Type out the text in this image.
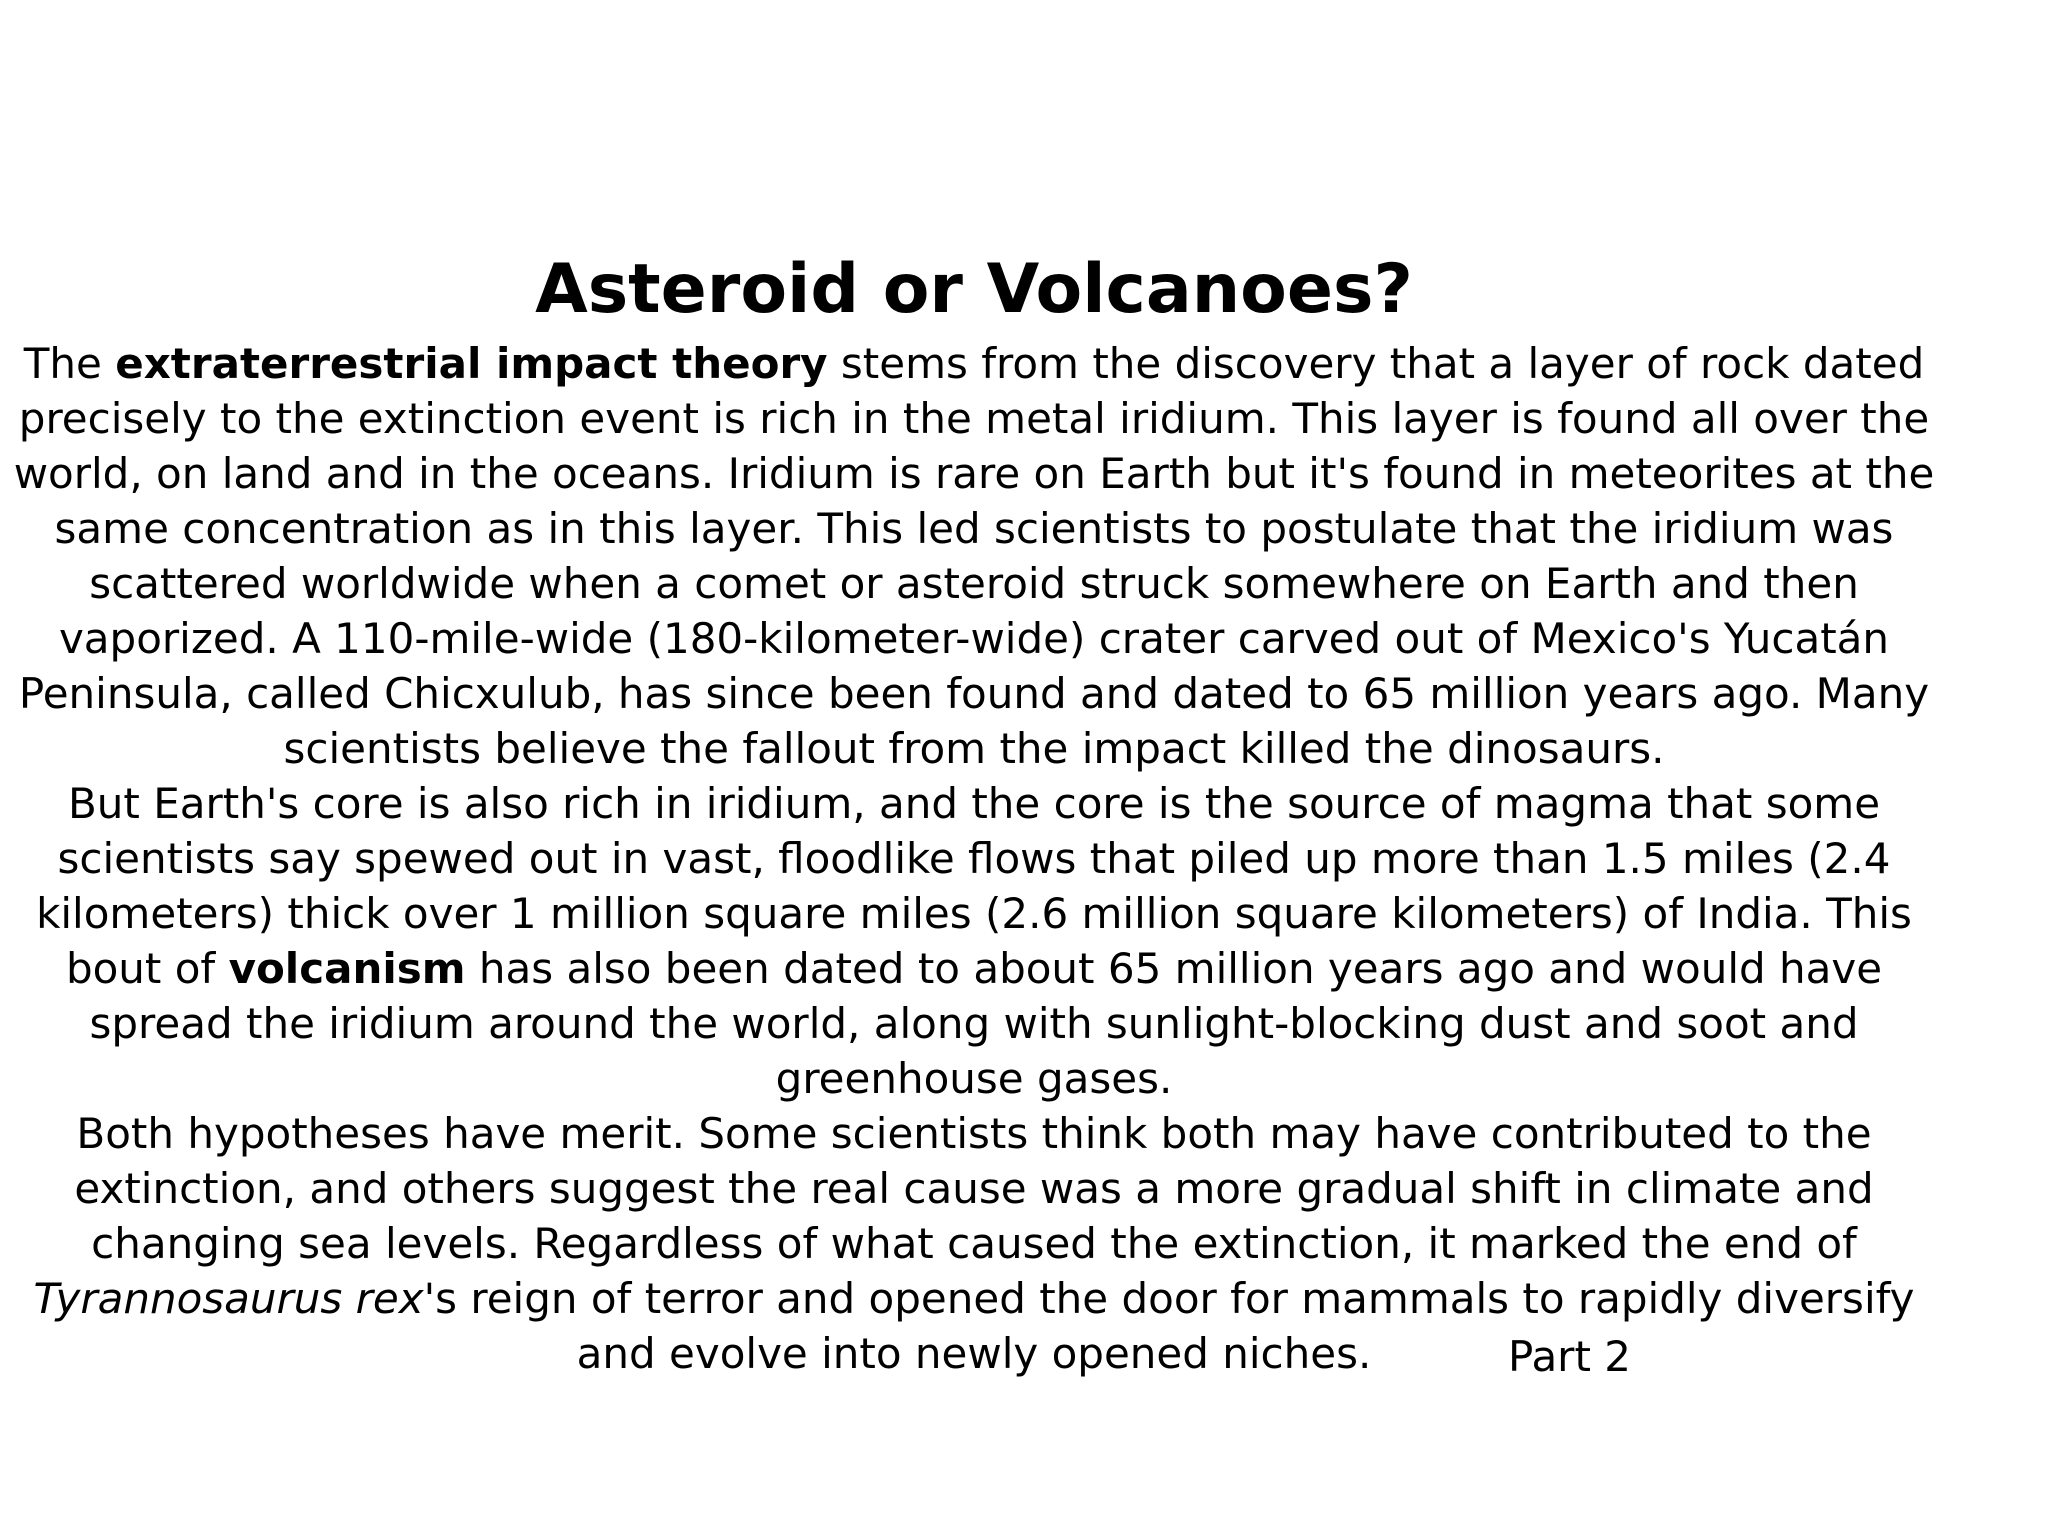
Asteroid or Volcanoes?

The extraterrestrial impact theory stems from the discovery that a layer of rock dated precisely to the extinction event is rich in the metal iridium. This layer is found all over the world, on land and in the oceans. Iridium is rare on Earth but it's found in meteorites at the same concentration as in this layer. This led scientists to postulate that the iridium was scattered worldwide when a comet or asteroid struck somewhere on Earth and then vaporized. A 110-mile-wide (180-kilometer-wide) crater carved out of Mexico's Yucatán Peninsula, called Chicxulub, has since been found and dated to 65 million years ago. Many scientists believe the fallout from the impact killed the dinosaurs.

But Earth's core is also rich in iridium, and the core is the source of magma that some scientists say spewed out in vast, floodlike flows that piled up more than 1.5 miles (2.4 kilometers) thick over 1 million square miles (2.6 million square kilometers) of India. This bout of volcanism has also been dated to about 65 million years ago and would have spread the iridium around the world, along with sunlight-blocking dust and soot and greenhouse gases.

Both hypotheses have merit. Some scientists think both may have contributed to the extinction, and others suggest the real cause was a more gradual shift in climate and changing sea levels. Regardless of what caused the extinction, it marked the end of Tyrannosaurus rex's reign of terror and opened the door for mammals to rapidly diversify and evolve into newly opened niches.	Part 2
